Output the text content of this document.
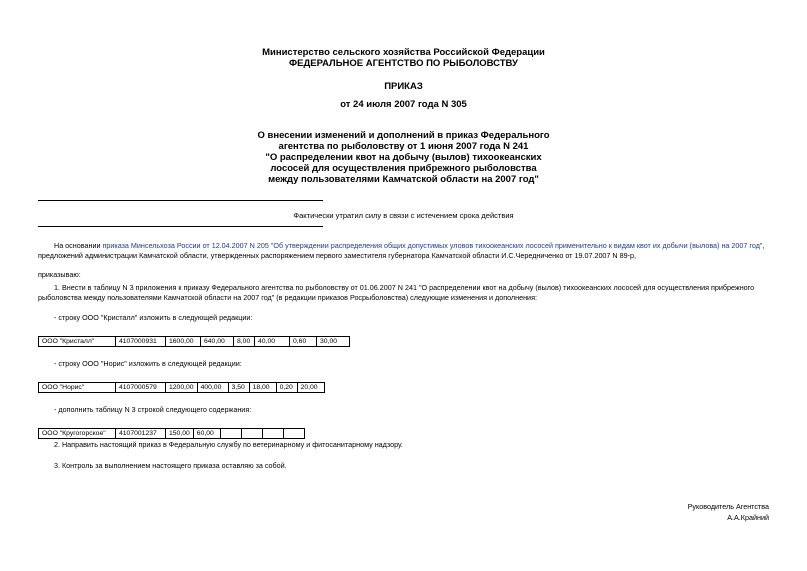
Министерство сельского хозяйства Российской Федерации
ФЕДЕРАЛЬНОЕ АГЕНТСТВО ПО РЫБОЛОВСТВУ
ПРИКАЗ
от 24 июля 2007 года N 305
О внесении изменений и дополнений в приказ Федерального
агентства по рыболовству от 1 июня 2007 года N 241
"О распределении квот на добычу (вылов) тихоокеанских
лососей для осуществления прибрежного рыболовства
между пользователями Камчатской области на 2007 год"
Фактически утратил силу в связи с истечением срока действия
На основании приказа Минсельхоза России от 12.04.2007 N 205 "Об утверждении распределения общих допустимых уловов тихоокеанских лососей применительно к видам квот их добычи (вылова) на 2007 год", предложений администрации Камчатской области, утвержденных распоряжением первого заместителя губернатора Камчатской области И.С.Чередниченко от 19.07.2007 N 89-р,
приказываю:
1. Внести в таблицу N 3 приложения к приказу Федерального агентства по рыболовству от 01.06.2007 N 241 "О распределении квот на добычу (вылов) тихоокеанских лососей для осуществления прибрежного
рыболовства между пользователями Камчатской области на 2007 год" (в редакции приказов Росрыболовства) следующие изменения и дополнения:
- строку ООО "Кристалл" изложить в следующей редакции:
ООО "Кристалл"	4107000931	1600,00	640,00	8,00	40,00	0,60	30,00
- строку ООО "Норис" изложить в следующей редакции:
ООО "Норис"	4107000579	1200,00	400,00	3,50	18,00	0,20	20,00
- дополнить таблицу N 3 строкой следующего содержания:
ООО "Кругогорское"	4107001237	150,00	60,00				
2. Направить настоящий приказ в Федеральную службу по ветеринарному и фитосанитарному надзору.
3. Контроль за выполнением настоящего приказа оставляю за собой.
Руководитель Агентства
А.А.Крайний
